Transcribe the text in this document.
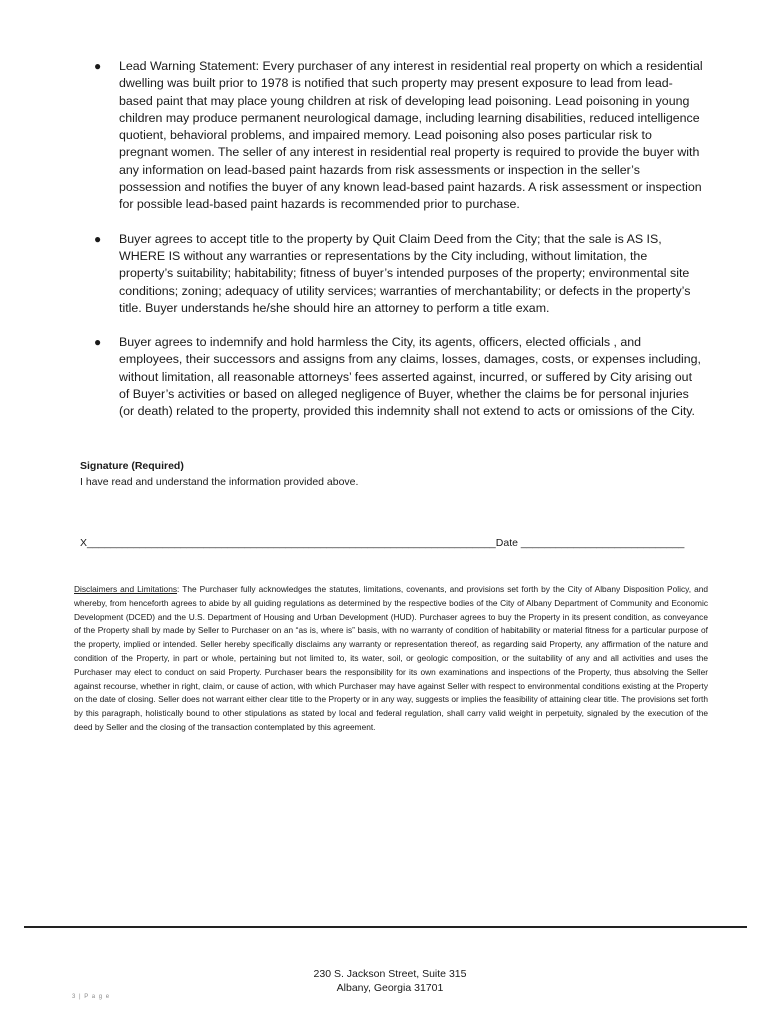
● Lead Warning Statement: Every purchaser of any interest in residential real property on which a residential dwelling was built prior to 1978 is notified that such property may present exposure to lead from lead-based paint that may place young children at risk of developing lead poisoning. Lead poisoning in young children may produce permanent neurological damage, including learning disabilities, reduced intelligence quotient, behavioral problems, and impaired memory. Lead poisoning also poses particular risk to pregnant women. The seller of any interest in residential real property is required to provide the buyer with any information on lead-based paint hazards from risk assessments or inspection in the seller’s possession and notifies the buyer of any known lead-based paint hazards. A risk assessment or inspection for possible lead-based paint hazards is recommended prior to purchase.
● Buyer agrees to accept title to the property by Quit Claim Deed from the City; that the sale is AS IS, WHERE IS without any warranties or representations by the City including, without limitation, the property’s suitability; habitability; fitness of buyer’s intended purposes of the property; environmental site conditions; zoning; adequacy of utility services; warranties of merchantability; or defects in the property’s title. Buyer understands he/she should hire an attorney to perform a title exam.
● Buyer agrees to indemnify and hold harmless the City, its agents, officers, elected officials , and employees, their successors and assigns from any claims, losses, damages, costs, or expenses including, without limitation, all reasonable attorneys’ fees asserted against, incurred, or suffered by City arising out of Buyer’s activities or based on alleged negligence of Buyer, whether the claims be for personal injuries (or death) related to the property, provided this indemnity shall not extend to acts or omissions of the City.
Signature (Required)
I have read and understand the information provided above.
X______________________________________________________________________Date ____________________________

Disclaimers and Limitations: The Purchaser fully acknowledges the statutes, limitations, covenants, and provisions set forth by the City of Albany Disposition Policy, and whereby, from henceforth agrees to abide by all guiding regulations as determined by the respective bodies of the City of Albany Department of Community and Economic Development (DCED) and the U.S. Department of Housing and Urban Development (HUD). Purchaser agrees to buy the Property in its present condition, as conveyance of the Property shall by made by Seller to Purchaser on an “as is, where is” basis, with no warranty of condition of habitability or material fitness for a particular purpose of the property, implied or intended. Seller hereby specifically disclaims any warranty or representation thereof, as regarding said Property, any affirmation of the nature and condition of the Property, in part or whole, pertaining but not limited to, its water, soil, or geologic composition, or the suitability of any and all activities and uses the Purchaser may elect to conduct on said Property. Purchaser bears the responsibility for its own examinations and inspections of the Property, thus absolving the Seller against recourse, whether in right, claim, or cause of action, with which Purchaser may have against Seller with respect to environmental conditions existing at the Property on the date of closing. Seller does not warrant either clear title to the Property or in any way, suggests or implies the feasibility of attaining clear title. The provisions set forth by this paragraph, holistically bound to other stipulations as stated by local and federal regulation, shall carry valid weight in perpetuity, signaled by the execution of the deed by Seller and the closing of the transaction contemplated by this agreement.

230 S. Jackson Street, Suite 315
Albany, Georgia 31701
3 | P a g e
